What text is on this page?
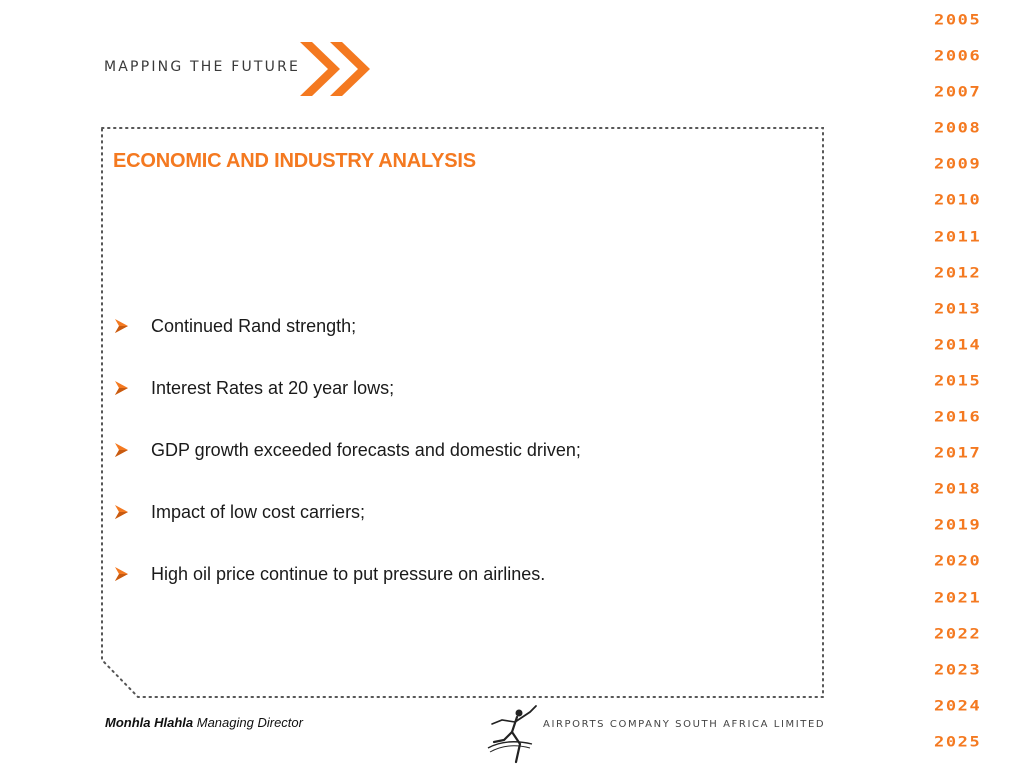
MAPPING THE FUTURE
ECONOMIC AND INDUSTRY ANALYSIS
Continued Rand strength;
Interest Rates at 20 year lows;
GDP growth exceeded forecasts and domestic driven;
Impact of low cost carriers;
High oil price continue to put pressure on airlines.
2005
2006
2007
2008
2009
2010
2011
2012
2013
2014
2015
2016
2017
2018
2019
2020
2021
2022
2023
2024
2025
Monhla Hlahla Managing Director	AIRPORTS COMPANY SOUTH AFRICA LIMITED
